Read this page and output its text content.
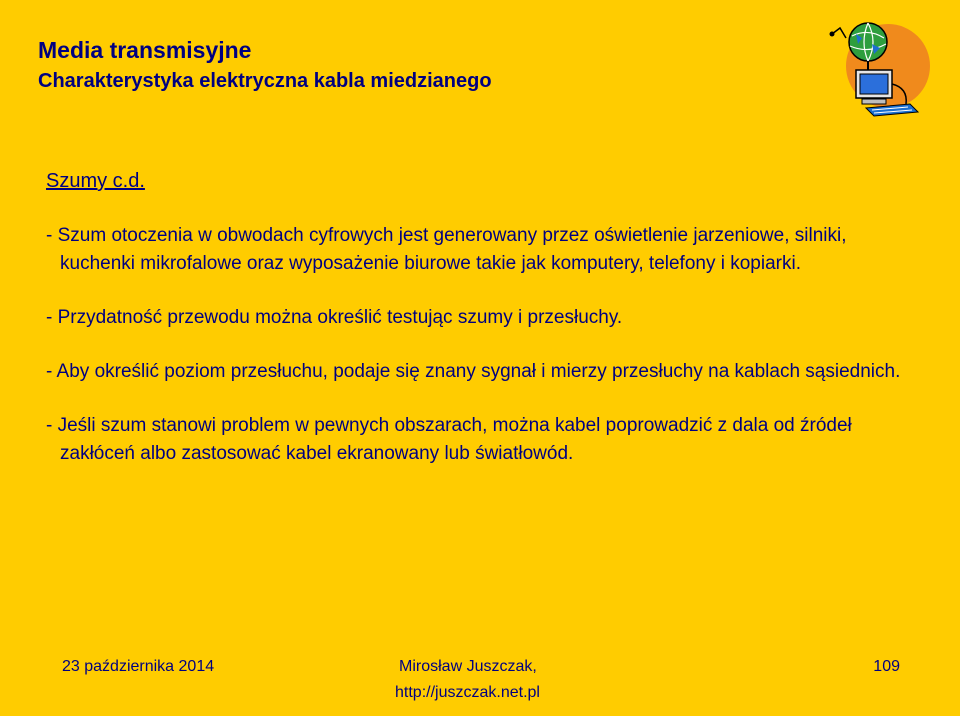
Media transmisyjne
Charakterystyka elektryczna kabla miedzianego
Szumy c.d.

- Szum otoczenia w obwodach cyfrowych jest generowany przez oświetlenie jarzeniowe, silniki, kuchenki mikrofalowe oraz wyposażenie biurowe takie jak komputery, telefony i kopiarki.

- Przydatność przewodu można określić testując szumy i przesłuchy.

- Aby określić poziom przesłuchu, podaje się znany sygnał i mierzy przesłuchy na kablach sąsiednich.

- Jeśli szum stanowi problem w pewnych obszarach, można kabel poprowadzić z dala od źródeł zakłóceń albo zastosować kabel ekranowany lub światłowód.

23 października 2014	Mirosław Juszczak,
http://juszczak.net.pl
109
